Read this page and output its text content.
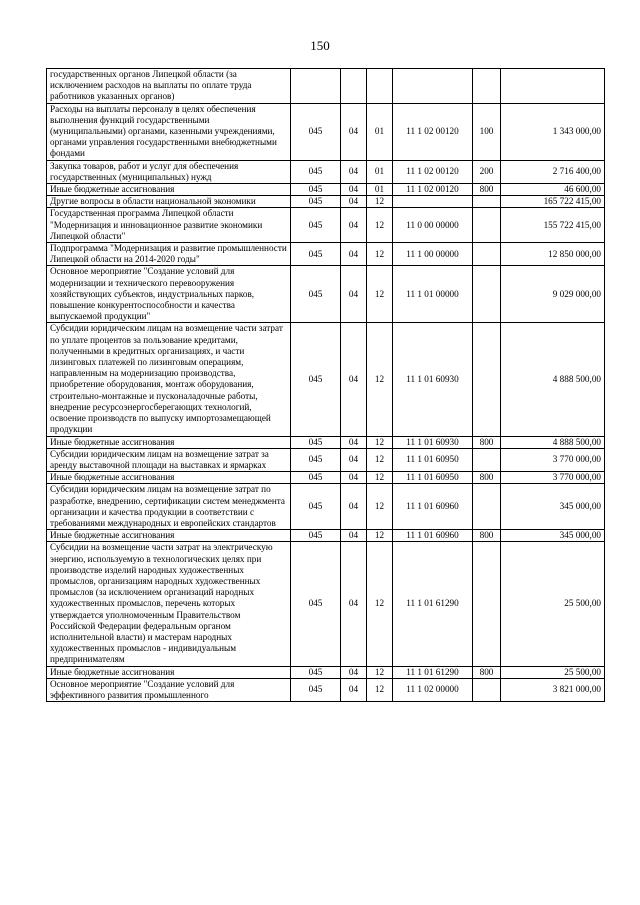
150
государственных органов Липецкой области (за исключением расходов на выплаты по оплате труда работников указанных органов)						
Расходы на выплаты персоналу в целях обеспечения выполнения функций государственными (муниципальными) органами, казенными учреждениями, органами управления государственными внебюджетными фондами	045	04	01	11 1 02 00120	100	1 343 000,00
Закупка товаров, работ и услуг для обеспечения государственных (муниципальных) нужд	045	04	01	11 1 02 00120	200	2 716 400,00
Иные бюджетные ассигнования	045	04	01	11 1 02 00120	800	46 600,00
Другие вопросы в области национальной экономики	045	04	12			165 722 415,00
Государственная программа Липецкой области "Модернизация и инновационное развитие экономики Липецкой области"	045	04	12	11 0 00 00000		155 722 415,00
Подпрограмма "Модернизация и развитие промышленности Липецкой области на 2014-2020 годы"	045	04	12	11 1 00 00000		12 850 000,00
Основное мероприятие "Создание условий для модернизации и технического перевооружения хозяйствующих субъектов, индустриальных парков, повышение конкурентоспособности и качества выпускаемой продукции"	045	04	12	11 1 01 00000		9 029 000,00
Субсидии юридическим лицам на возмещение части затрат по уплате процентов за пользование кредитами, полученными в кредитных организациях, и части лизинговых платежей по лизинговым операциям, направленным на модернизацию производства, приобретение оборудования, монтаж оборудования, строительно-монтажные и пусконаладочные работы, внедрение ресурсоэнергосберегающих технологий, освоение производств по выпуску импортозамещающей продукции	045	04	12	11 1 01 60930		4 888 500,00
Иные бюджетные ассигнования	045	04	12	11 1 01 60930	800	4 888 500,00
Субсидии юридическим лицам на возмещение затрат за аренду выставочной площади на выставках и ярмарках	045	04	12	11 1 01 60950		3 770 000,00
Иные бюджетные ассигнования	045	04	12	11 1 01 60950	800	3 770 000,00
Субсидии юридическим лицам на возмещение затрат по разработке, внедрению, сертификации систем менеджмента организации и качества продукции в соответствии с требованиями международных и европейских стандартов	045	04	12	11 1 01 60960		345 000,00
Иные бюджетные ассигнования	045	04	12	11 1 01 60960	800	345 000,00
Субсидии на возмещение части затрат на электрическую энергию, используемую в технологических целях при производстве изделий народных художественных промыслов, организациям народных художественных промыслов (за исключением организаций народных художественных промыслов, перечень которых утверждается уполномоченным Правительством Российской Федерации федеральным органом исполнительной власти) и мастерам народных художественных промыслов - индивидуальным предпринимателям	045	04	12	11 1 01 61290		25 500,00
Иные бюджетные ассигнования	045	04	12	11 1 01 61290	800	25 500,00
Основное мероприятие "Создание условий для эффективного развития промышленного	045	04	12	11 1 02 00000		3 821 000,00
